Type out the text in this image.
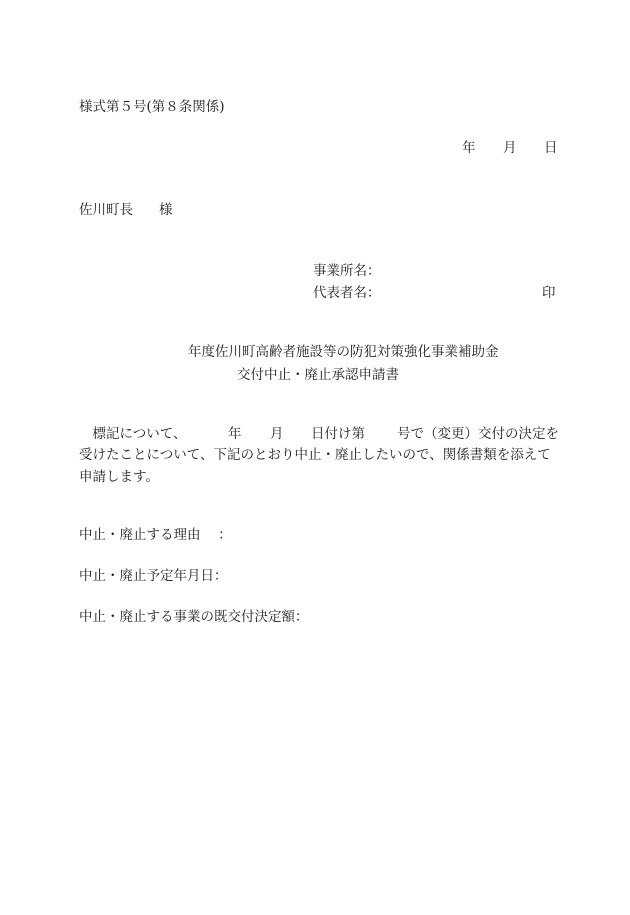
様式第５号(第８条関係)
年 月 日
佐川町長 様
事業所名：
代表者名：	印
年度佐川町高齢者施設等の防犯対策強化事業補助金
交付中止・廃止承認申請書
　標記について、	年 月 日付け第 号で（変更）交付の決定を
受けたことについて、下記のとおり中止・廃止したいので、関係書類を添えて
申請します。
中止・廃止する理由　 ：
中止・廃止予定年月日：
中止・廃止する事業の既交付決定額：
